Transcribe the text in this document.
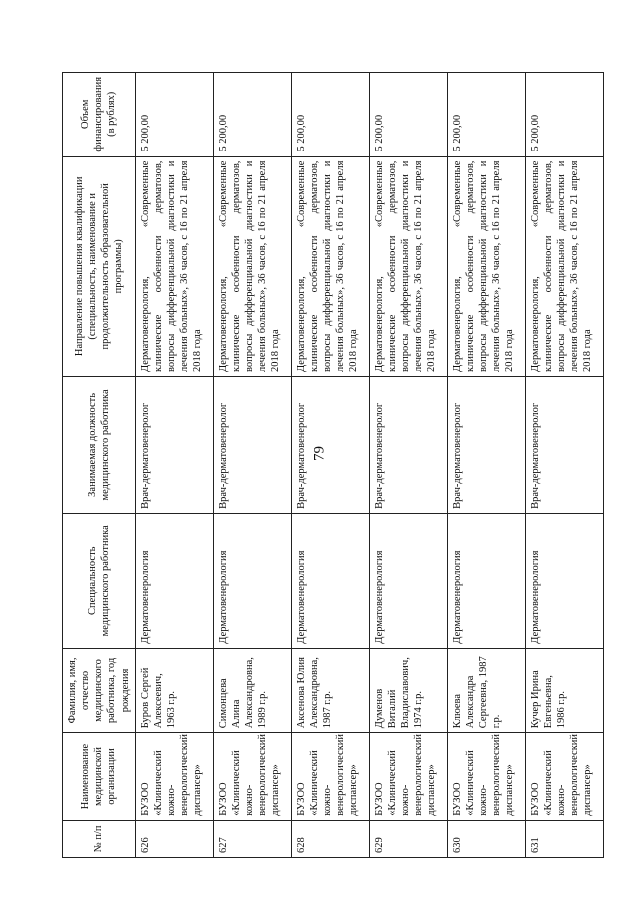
79
№ п/п	Наименование медицинской организации	Фамилия, имя, отчество медицинского работника, год рождения	Специальность медицинского работника	Занимаемая должность медицинского работника	Направление повышения квалификации (специальность, наименование и продолжительность образовательной программы)	Объем финансирования (в рублях)
626	БУЗОО «Клинический кожно-венерологический диспансер»	Буров Сергей Алексеевич, 1963 г.р.	Дерматовенерология	Врач-дерматовенеролог	Дерматовенерология, «Современные клинические особенности дерматозов, вопросы дифференциальной диагностики и лечения больных», 36 часов, с 16 по 21 апреля 2018 года	5 200,00
627	БУЗОО «Клинический кожно-венерологический диспансер»	Симонцева Алина Александровна, 1989 г.р.	Дерматовенерология	Врач-дерматовенеролог	Дерматовенерология, «Современные клинические особенности дерматозов, вопросы дифференциальной диагностики и лечения больных», 36 часов, с 16 по 21 апреля 2018 года	5 200,00
628	БУЗОО «Клинический кожно-венерологический диспансер»	Аксенова Юлия Александровна, 1987 г.р.	Дерматовенерология	Врач-дерматовенеролог	Дерматовенерология, «Современные клинические особенности дерматозов, вопросы дифференциальной диагностики и лечения больных», 36 часов, с 16 по 21 апреля 2018 года	5 200,00
629	БУЗОО «Клинический кожно-венерологический диспансер»	Думенов Виталий Владиславович, 1974 г.р.	Дерматовенерология	Врач-дерматовенеролог	Дерматовенерология, «Современные клинические особенности дерматозов, вопросы дифференциальной диагностики и лечения больных», 36 часов, с 16 по 21 апреля 2018 года	5 200,00
630	БУЗОО «Клинический кожно-венерологический диспансер»	Клюева Александра Сергеевна, 1987 г.р.	Дерматовенерология	Врач-дерматовенеролог	Дерматовенерология, «Современные клинические особенности дерматозов, вопросы дифференциальной диагностики и лечения больных», 36 часов, с 16 по 21 апреля 2018 года	5 200,00
631	БУЗОО «Клинический кожно-венерологический диспансер»	Кучер Ирина Евгеньевна, 1986 г.р.	Дерматовенерология	Врач-дерматовенеролог	Дерматовенерология, «Современные клинические особенности дерматозов, вопросы дифференциальной диагностики и лечения больных», 36 часов, с 16 по 21 апреля 2018 года	5 200,00
